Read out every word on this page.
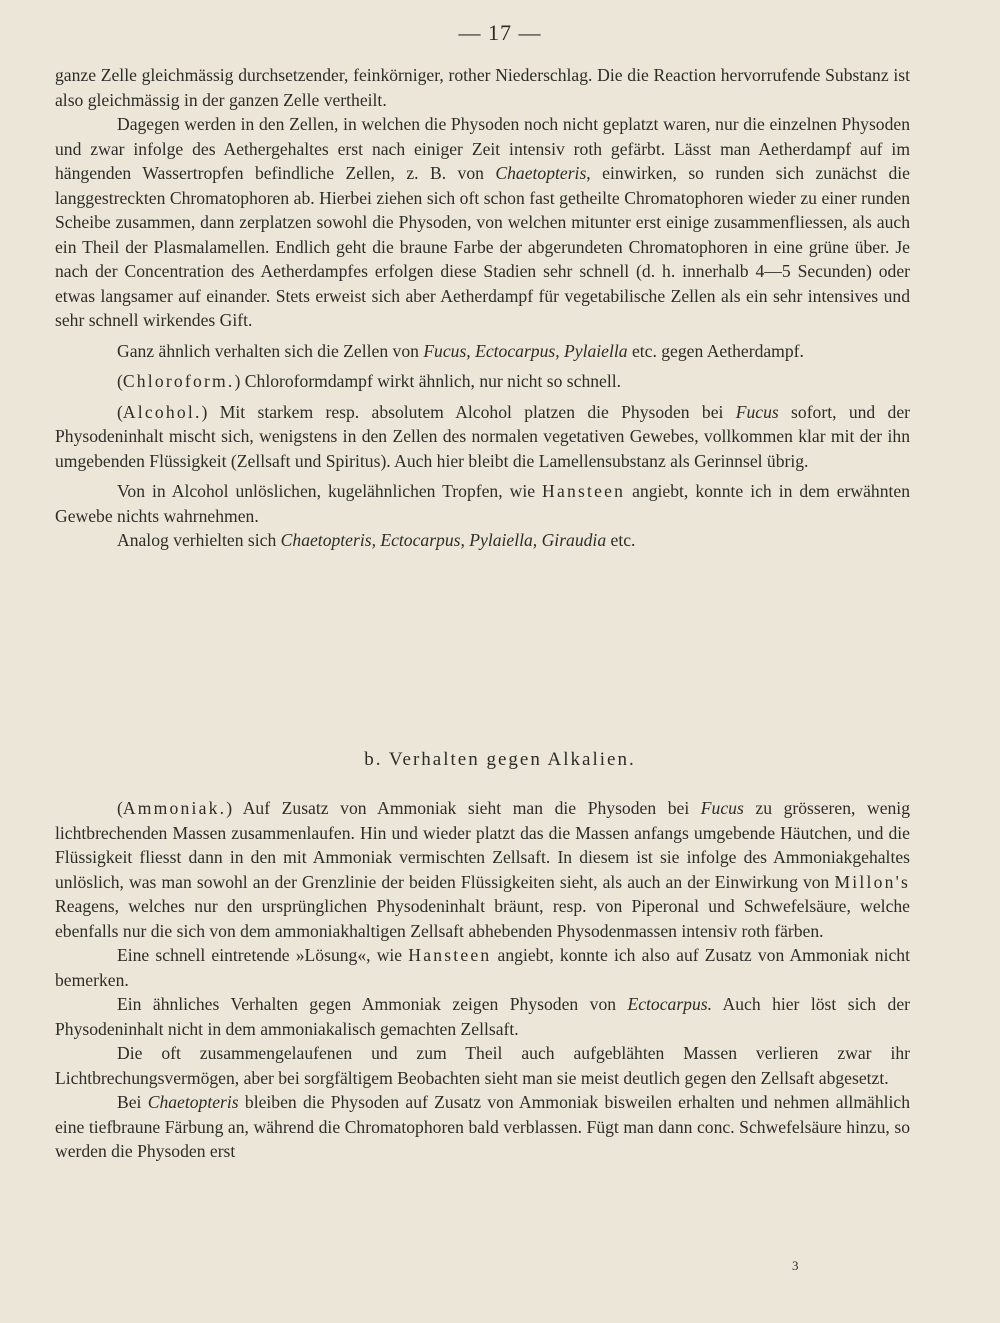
— 17 —

ganze Zelle gleichmässig durchsetzender, feinkörniger, rother Niederschlag. Die die Reaction hervorrufende Substanz ist also gleichmässig in der ganzen Zelle vertheilt.

Dagegen werden in den Zellen, in welchen die Physoden noch nicht geplatzt waren, nur die einzelnen Physoden und zwar infolge des Aethergehaltes erst nach einiger Zeit intensiv roth gefärbt. Lässt man Aetherdampf auf im hängenden Wassertropfen befindliche Zellen, z. B. von Chaetopteris, einwirken, so runden sich zunächst die langgestreckten Chromatophoren ab. Hierbei ziehen sich oft schon fast getheilte Chromatophoren wieder zu einer runden Scheibe zusammen, dann zerplatzen sowohl die Physoden, von welchen mitunter erst einige zusammenfliessen, als auch ein Theil der Plasmalamellen. Endlich geht die braune Farbe der abgerundeten Chromatophoren in eine grüne über. Je nach der Concentration des Aetherdampfes erfolgen diese Stadien sehr schnell (d. h. innerhalb 4—5 Secunden) oder etwas langsamer auf einander. Stets erweist sich aber Aetherdampf für vegetabilische Zellen als ein sehr intensives und sehr schnell wirkendes Gift.

Ganz ähnlich verhalten sich die Zellen von Fucus, Ectocarpus, Pylaiella etc. gegen Aetherdampf.

(Chloroform.) Chloroformdampf wirkt ähnlich, nur nicht so schnell.

(Alcohol.) Mit starkem resp. absolutem Alcohol platzen die Physoden bei Fucus sofort, und der Physodeninhalt mischt sich, wenigstens in den Zellen des normalen vegetativen Gewebes, vollkommen klar mit der ihn umgebenden Flüssigkeit (Zellsaft und Spiritus). Auch hier bleibt die Lamellensubstanz als Gerinnsel übrig.

Von in Alcohol unlöslichen, kugelähnlichen Tropfen, wie Hansteen angiebt, konnte ich in dem erwähnten Gewebe nichts wahrnehmen.

Analog verhielten sich Chaetopteris, Ectocarpus, Pylaiella, Giraudia etc.

b. Verhalten gegen Alkalien.

(Ammoniak.) Auf Zusatz von Ammoniak sieht man die Physoden bei Fucus zu grösseren, wenig lichtbrechenden Massen zusammenlaufen. Hin und wieder platzt das die Massen anfangs umgebende Häutchen, und die Flüssigkeit fliesst dann in den mit Ammoniak vermischten Zellsaft. In diesem ist sie infolge des Ammoniakgehaltes unlöslich, was man sowohl an der Grenzlinie der beiden Flüssigkeiten sieht, als auch an der Einwirkung von Millon's Reagens, welches nur den ursprünglichen Physodeninhalt bräunt, resp. von Piperonal und Schwefelsäure, welche ebenfalls nur die sich von dem ammoniakhaltigen Zellsaft abhebenden Physodenmassen intensiv roth färben.

Eine schnell eintretende »Lösung«, wie Hansteen angiebt, konnte ich also auf Zusatz von Ammoniak nicht bemerken.

Ein ähnliches Verhalten gegen Ammoniak zeigen Physoden von Ectocarpus. Auch hier löst sich der Physodeninhalt nicht in dem ammoniakalisch gemachten Zellsaft.

Die oft zusammengelaufenen und zum Theil auch aufgeblähten Massen verlieren zwar ihr Lichtbrechungsvermögen, aber bei sorgfältigem Beobachten sieht man sie meist deutlich gegen den Zellsaft abgesetzt.

Bei Chaetopteris bleiben die Physoden auf Zusatz von Ammoniak bisweilen erhalten und nehmen allmählich eine tiefbraune Färbung an, während die Chromatophoren bald verblassen. Fügt man dann conc. Schwefelsäure hinzu, so werden die Physoden erst

3
